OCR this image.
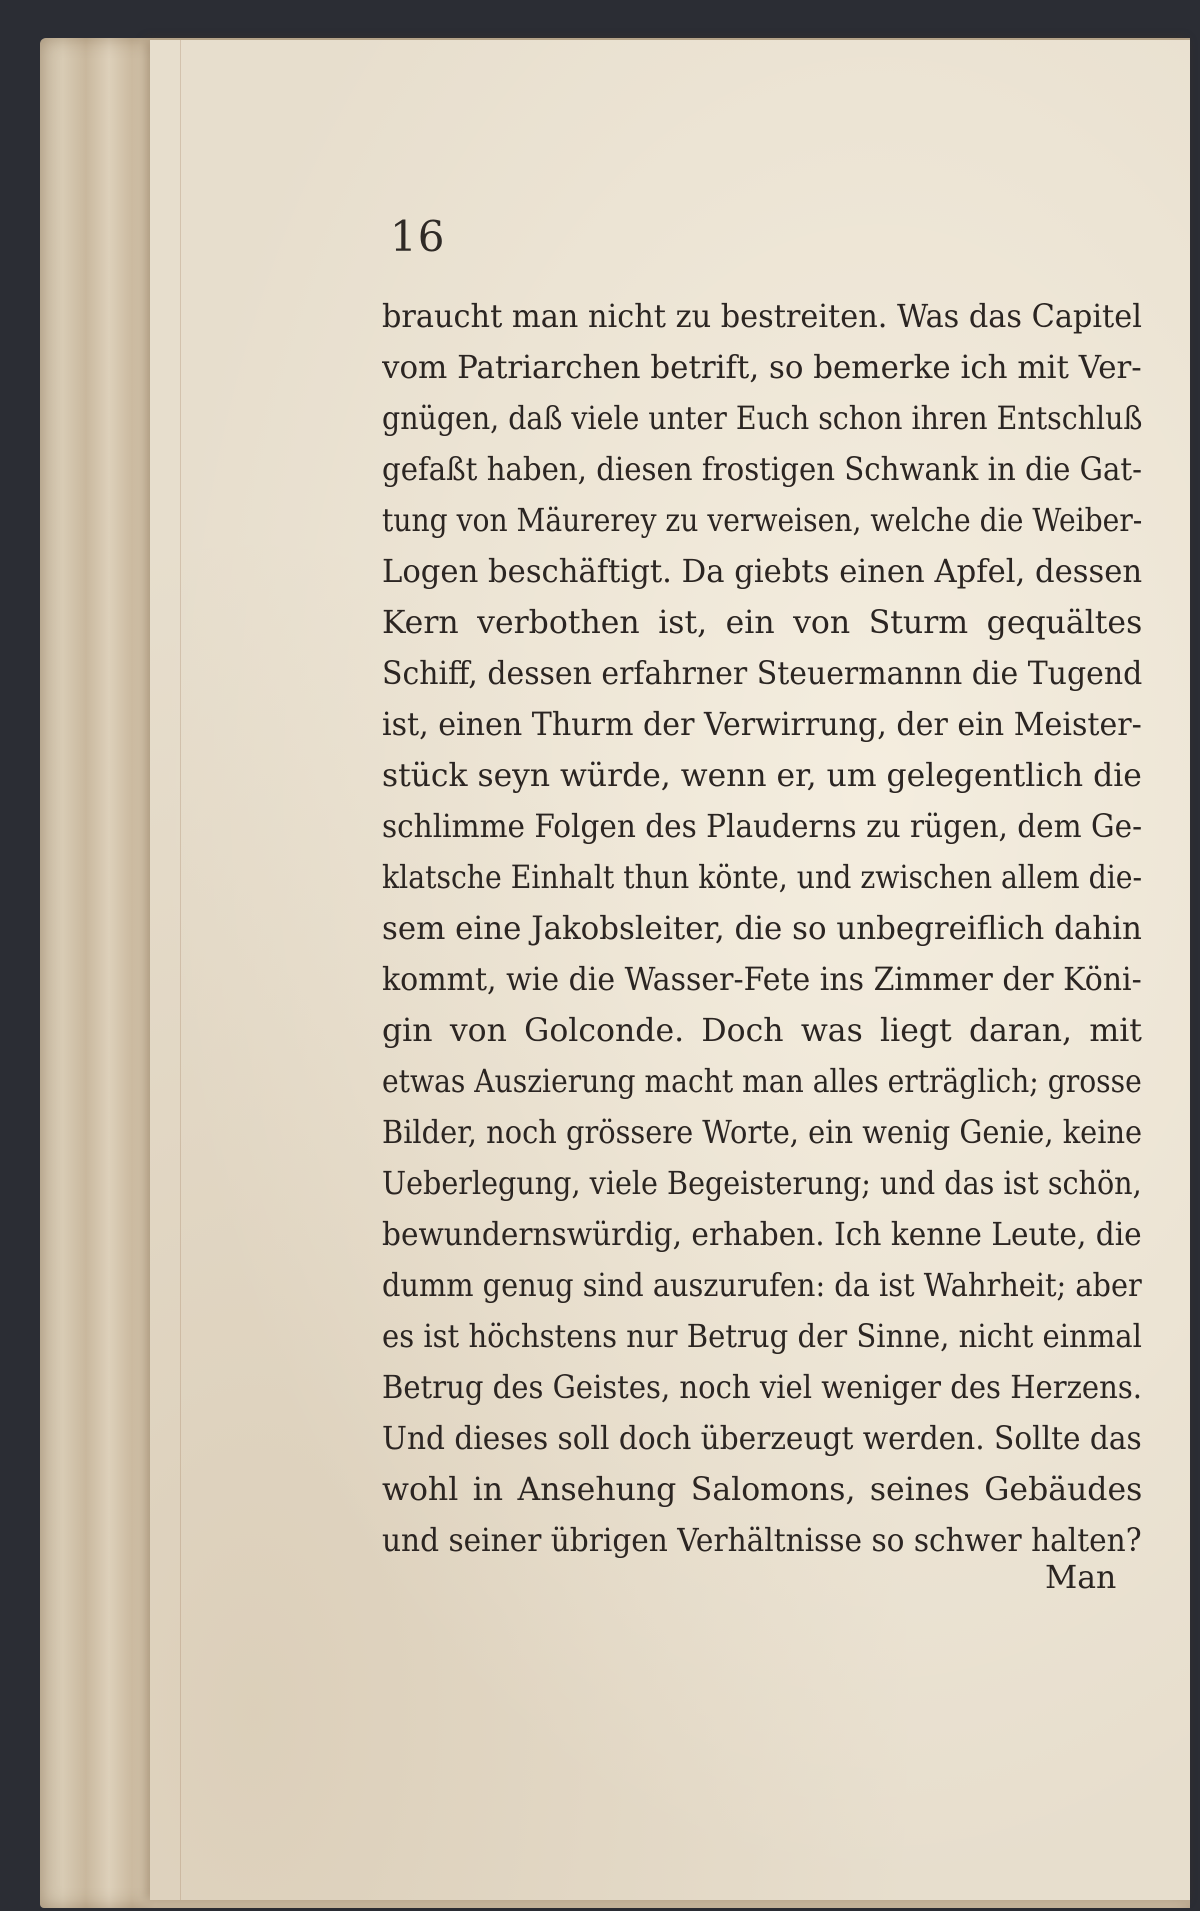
16
braucht man nicht zu bestreiten. Was das Capitel
vom Patriarchen betrift, so bemerke ich mit Ver-
gnügen, daß viele unter Euch schon ihren Entschluß
gefaßt haben, diesen frostigen Schwank in die Gat-
tung von Mäurerey zu verweisen, welche die Weiber-
Logen beschäftigt. Da giebts einen Apfel, dessen
Kern verbothen ist, ein von Sturm gequältes
Schiff, dessen erfahrner Steuermannn die Tugend
ist, einen Thurm der Verwirrung, der ein Meister-
stück seyn würde, wenn er, um gelegentlich die
schlimme Folgen des Plauderns zu rügen, dem Ge-
klatsche Einhalt thun könte, und zwischen allem die-
sem eine Jakobsleiter, die so unbegreiflich dahin
kommt, wie die Wasser-Fete ins Zimmer der Köni-
gin von Golconde. Doch was liegt daran, mit
etwas Auszierung macht man alles erträglich; grosse
Bilder, noch grössere Worte, ein wenig Genie, keine
Ueberlegung, viele Begeisterung; und das ist schön,
bewundernswürdig, erhaben. Ich kenne Leute, die
dumm genug sind auszurufen: da ist Wahrheit; aber
es ist höchstens nur Betrug der Sinne, nicht einmal
Betrug des Geistes, noch viel weniger des Herzens.
Und dieses soll doch überzeugt werden. Sollte das
wohl in Ansehung Salomons, seines Gebäudes
und seiner übrigen Verhältnisse so schwer halten?
Man
